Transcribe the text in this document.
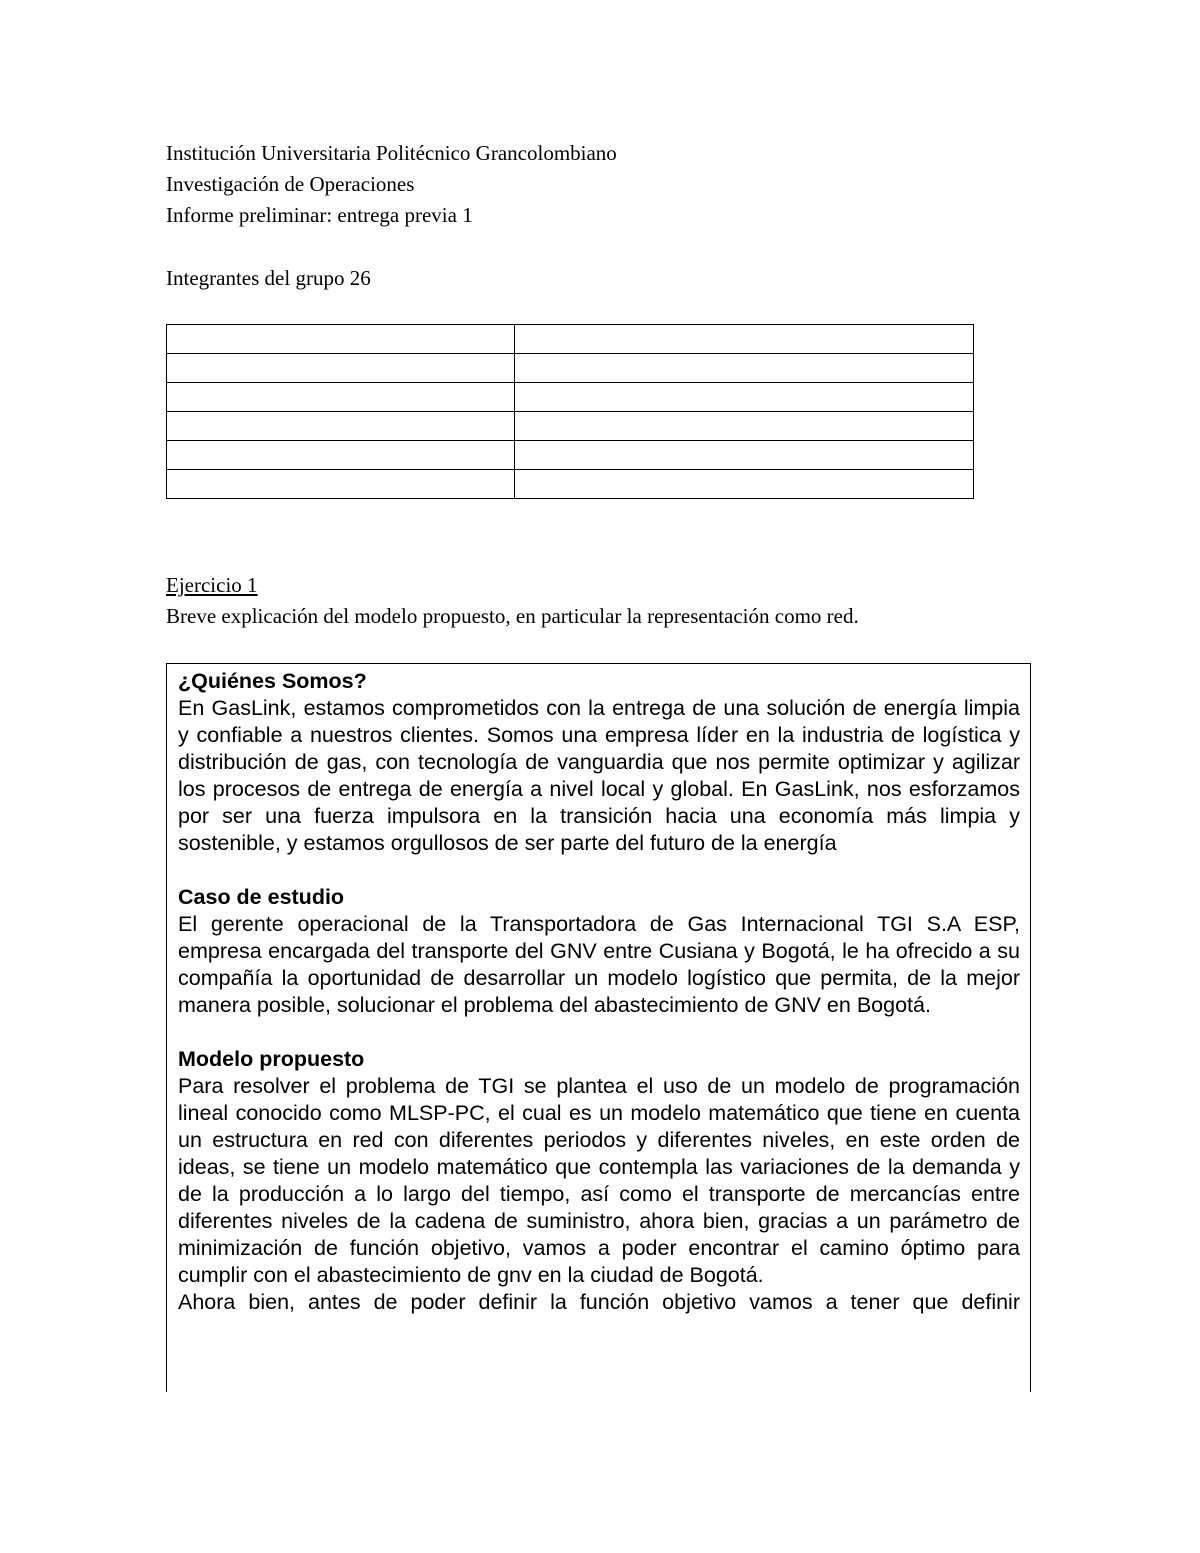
Institución Universitaria Politécnico Grancolombiano
Investigación de Operaciones
Informe preliminar: entrega previa 1
Integrantes del grupo 26

Ejercicio 1
Breve explicación del modelo propuesto, en particular la representación como red.
¿Quiénes Somos?

En GasLink, estamos comprometidos con la entrega de una solución de energía limpia y confiable a nuestros clientes. Somos una empresa líder en la industria de logística y distribución de gas, con tecnología de vanguardia que nos permite optimizar y agilizar los procesos de entrega de energía a nivel local y global. En GasLink, nos esforzamos por ser una fuerza impulsora en la transición hacia una economía más limpia y sostenible, y estamos orgullosos de ser parte del futuro de la energía

Caso de estudio

El gerente operacional de la Transportadora de Gas Internacional TGI S.A ESP, empresa encargada del transporte del GNV entre Cusiana y Bogotá, le ha ofrecido a su compañía la oportunidad de desarrollar un modelo logístico que permita, de la mejor manera posible, solucionar el problema del abastecimiento de GNV en Bogotá.

Modelo propuesto

Para resolver el problema de TGI se plantea el uso de un modelo de programación lineal conocido como MLSP-PC, el cual es un modelo matemático que tiene en cuenta un estructura en red con diferentes periodos y diferentes niveles, en este orden de ideas, se tiene un modelo matemático que contempla las variaciones de la demanda y de la producción a lo largo del tiempo, así como el transporte de mercancías entre diferentes niveles de la cadena de suministro, ahora bien, gracias a un parámetro de minimización de función objetivo, vamos a poder encontrar el camino óptimo para cumplir con el abastecimiento de gnv en la ciudad de Bogotá.

Ahora bien, antes de poder definir la función objetivo vamos a tener que definir
